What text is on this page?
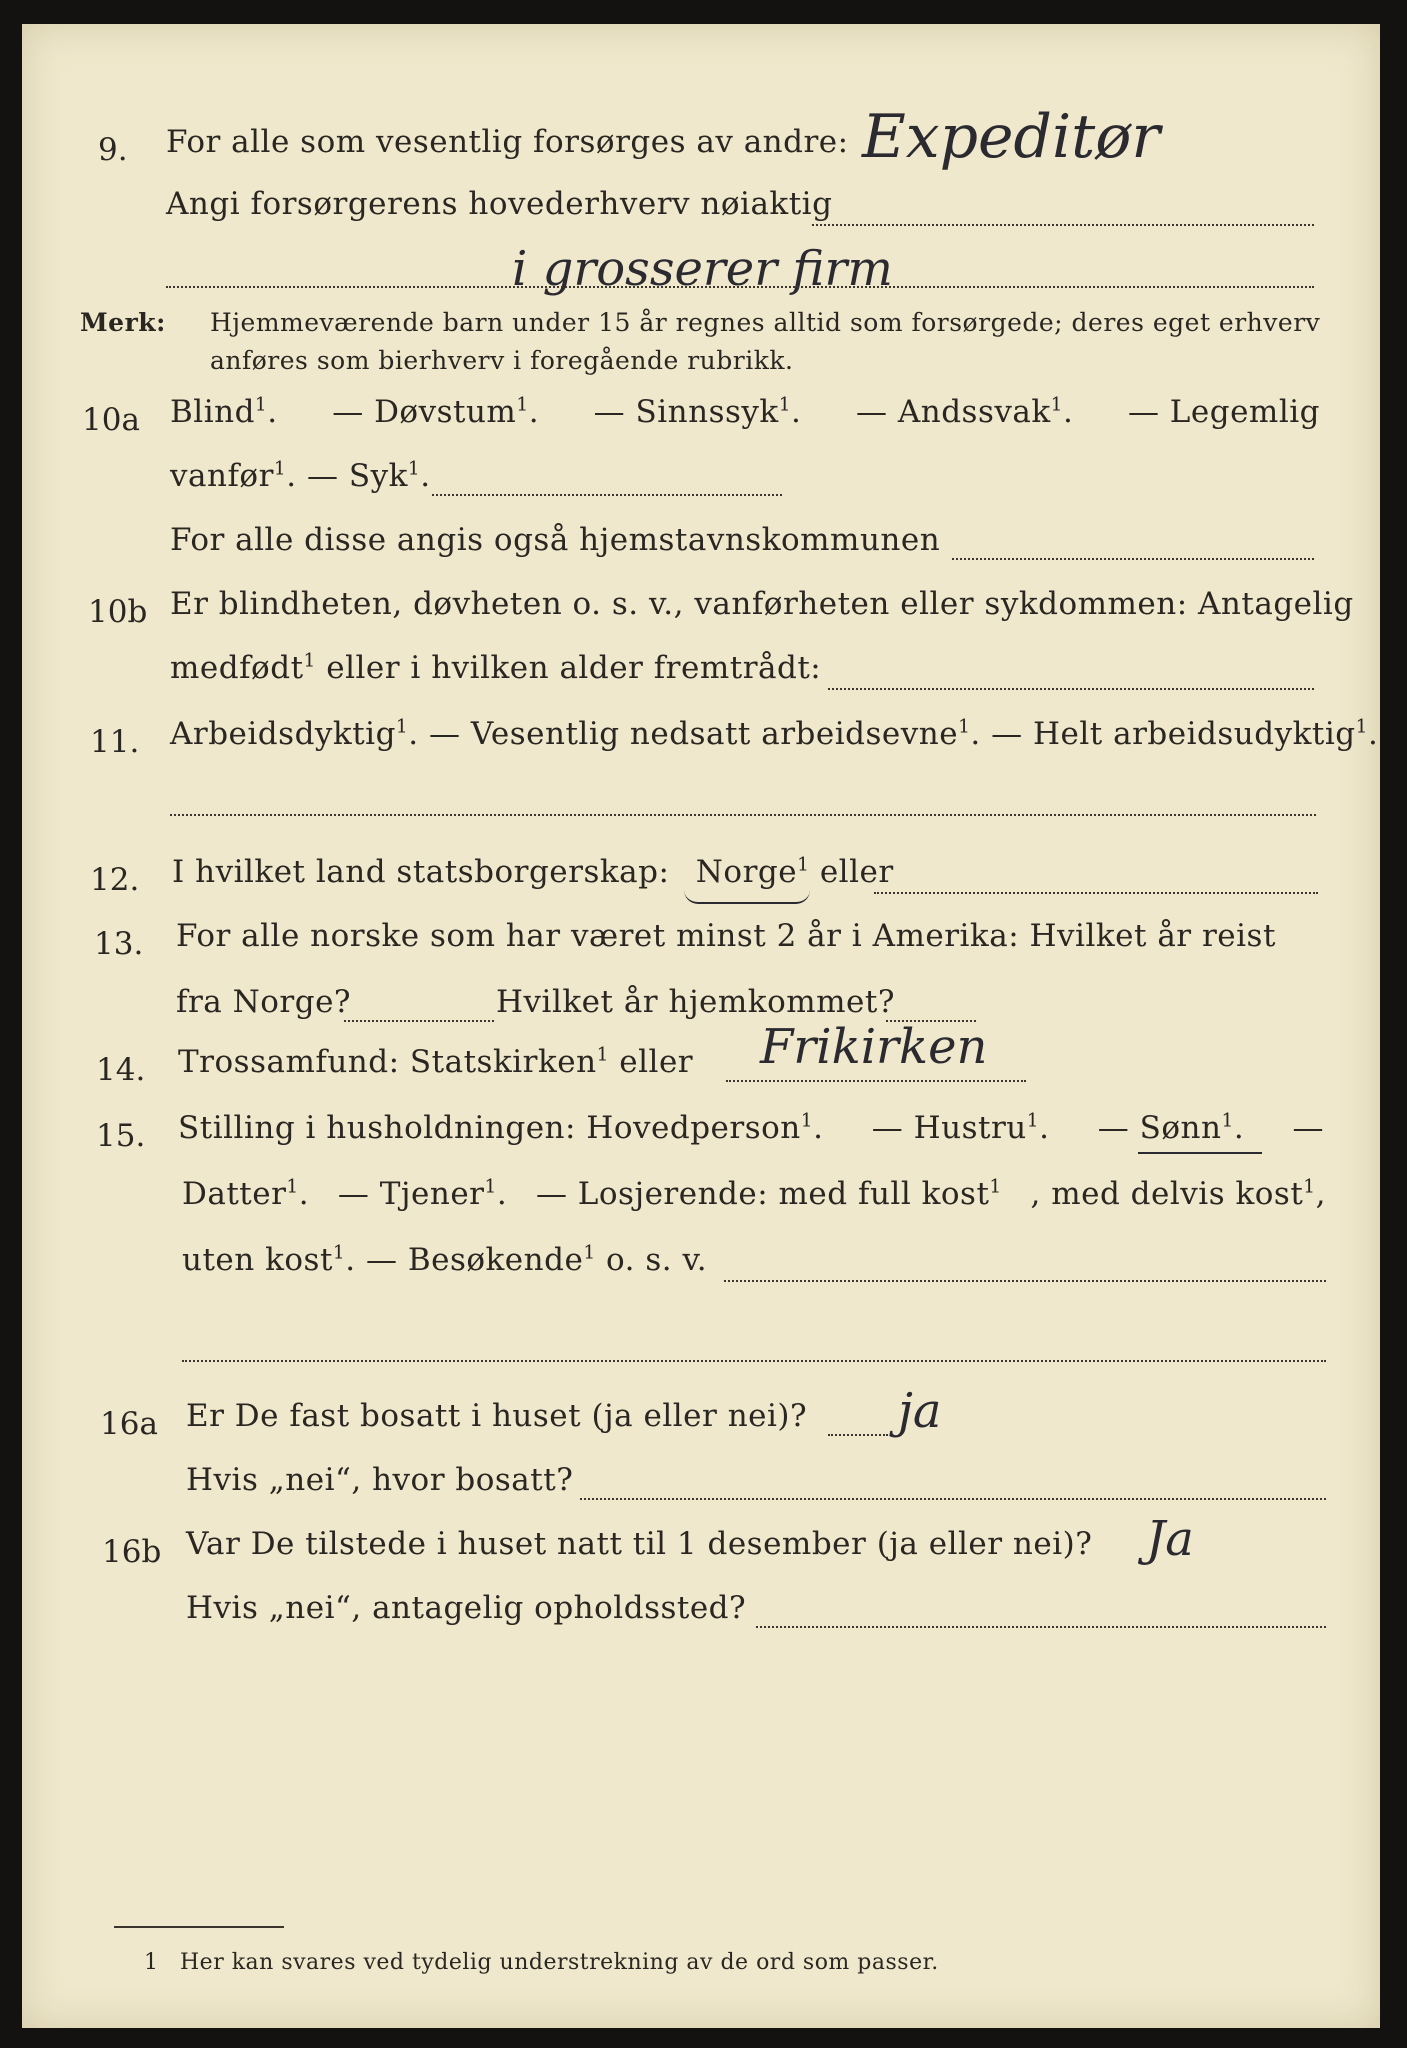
9. For alle som vesentlig forsørges av andre: Expeditør
Angi forsørgerens hovederhverv nøiaktig
i grosserer firm
Merk: Hjemmeværende barn under 15 år regnes alltid som forsørgede; deres eget erhverv
anføres som bierhverv i foregående rubrikk.
10a Blind$^1$. — Døvstum$^1$. — Sinnssyk$^1$. — Andssvak$^1$. — Legemlig
vanfør$^1$. — Syk$^1$.
For alle disse angis også hjemstavnskommunen
10b Er blindheten, døvheten o. s. v., vanførheten eller sykdommen: Antagelig
medfødt$^1$ eller i hvilken alder fremtrådt:
11. Arbeidsdyktig$^1$. — Vesentlig nedsatt arbeidsevne$^1$. — Helt arbeidsudyktig$^1$.
12. I hvilket land statsborgerskap: Norge$^1$ eller
13. For alle norske som har været minst 2 år i Amerika: Hvilket år reist
fra Norge?	Hvilket år hjemkommet?
14. Trossamfund: Statskirken$^1$ eller Frikirken
15. Stilling i husholdningen: Hovedperson$^1$. — Hustru$^1$. — Sønn$^1$. —
Datter$^1$. — Tjener$^1$. — Losjerende: med full kost$^1$ , med delvis kost$^1$,
uten kost$^1$. — Besøkende$^1$ o. s. v.
16a Er De fast bosatt i huset (ja eller nei)? ja
Hvis „nei“, hvor bosatt?
16b Var De tilstede i huset natt til 1 desember (ja eller nei)? Ja
Hvis „nei“, antagelig opholdssted?
1 Her kan svares ved tydelig understrekning av de ord som passer.
